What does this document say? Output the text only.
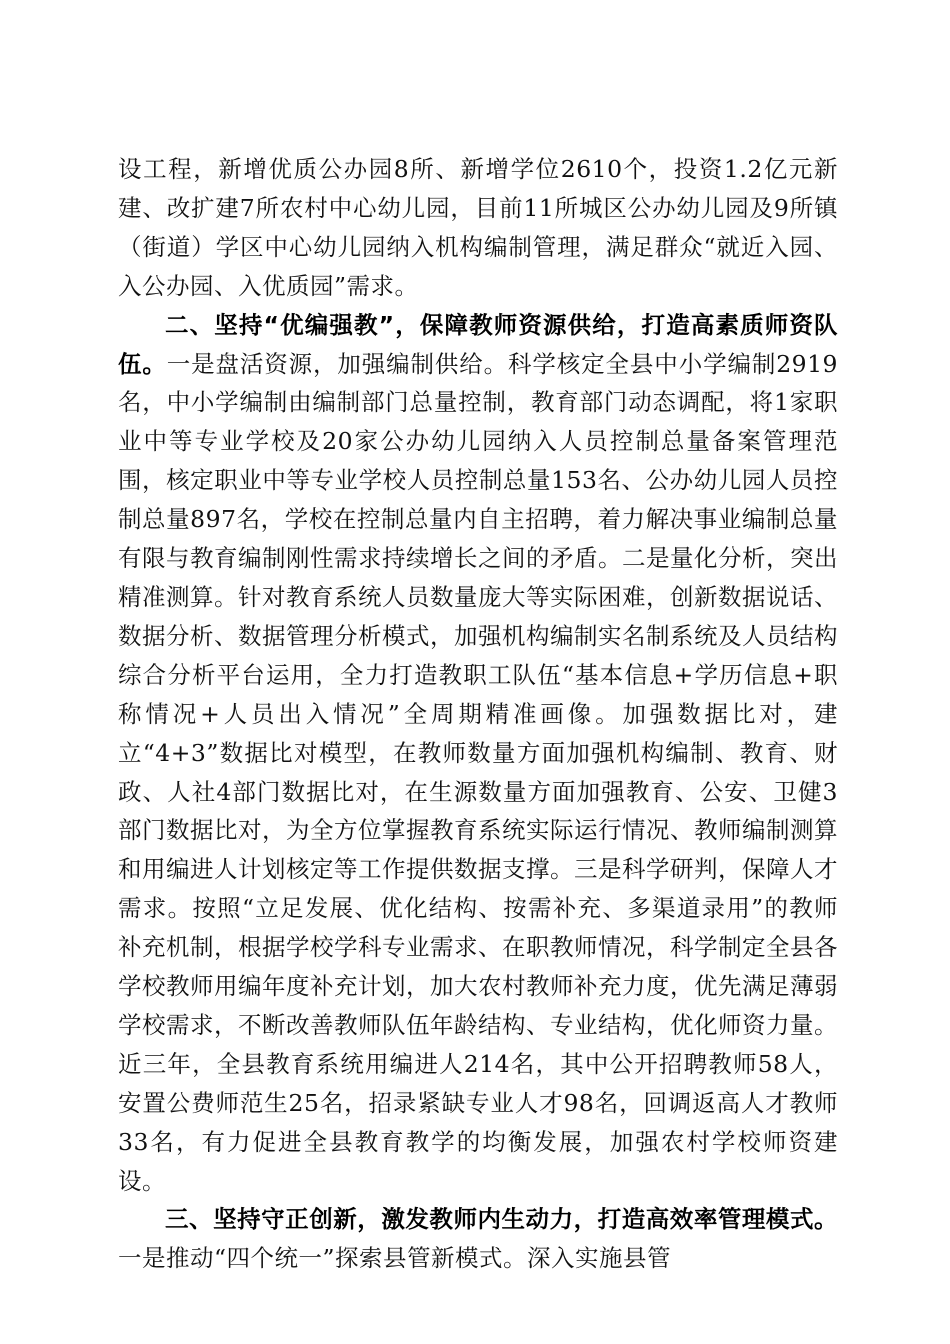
设工程，新增优质公办园8所、新增学位2610个，投资1.2亿元新建、改扩建7所农村中心幼儿园，目前11所城区公办幼儿园及9所镇（街道）学区中心幼儿园纳入机构编制管理，满足群众“就近入园、入公办园、入优质园”需求。

二、坚持“优编强教”，保障教师资源供给，打造高素质师资队伍。一是盘活资源，加强编制供给。科学核定全县中小学编制2919名，中小学编制由编制部门总量控制，教育部门动态调配，将1家职业中等专业学校及20家公办幼儿园纳入人员控制总量备案管理范围，核定职业中等专业学校人员控制总量153名、公办幼儿园人员控制总量897名，学校在控制总量内自主招聘，着力解决事业编制总量有限与教育编制刚性需求持续增长之间的矛盾。二是量化分析，突出精准测算。针对教育系统人员数量庞大等实际困难，创新数据说话、数据分析、数据管理分析模式，加强机构编制实名制系统及人员结构综合分析平台运用，全力打造教职工队伍“基本信息+学历信息+职称情况+人员出入情况”全周期精准画像。加强数据比对，建立“4+3”数据比对模型，在教师数量方面加强机构编制、教育、财政、人社4部门数据比对，在生源数量方面加强教育、公安、卫健3部门数据比对，为全方位掌握教育系统实际运行情况、教师编制测算和用编进人计划核定等工作提供数据支撑。三是科学研判，保障人才需求。按照“立足发展、优化结构、按需补充、多渠道录用”的教师补充机制，根据学校学科专业需求、在职教师情况，科学制定全县各学校教师用编年度补充计划，加大农村教师补充力度，优先满足薄弱学校需求，不断改善教师队伍年龄结构、专业结构，优化师资力量。近三年，全县教育系统用编进人214名，其中公开招聘教师58人，安置公费师范生25名，招录紧缺专业人才98名，回调返高人才教师33名，有力促进全县教育教学的均衡发展，加强农村学校师资建设。

三、坚持守正创新，激发教师内生动力，打造高效率管理模式。一是推动“四个统一”探索县管新模式。深入实施县管
